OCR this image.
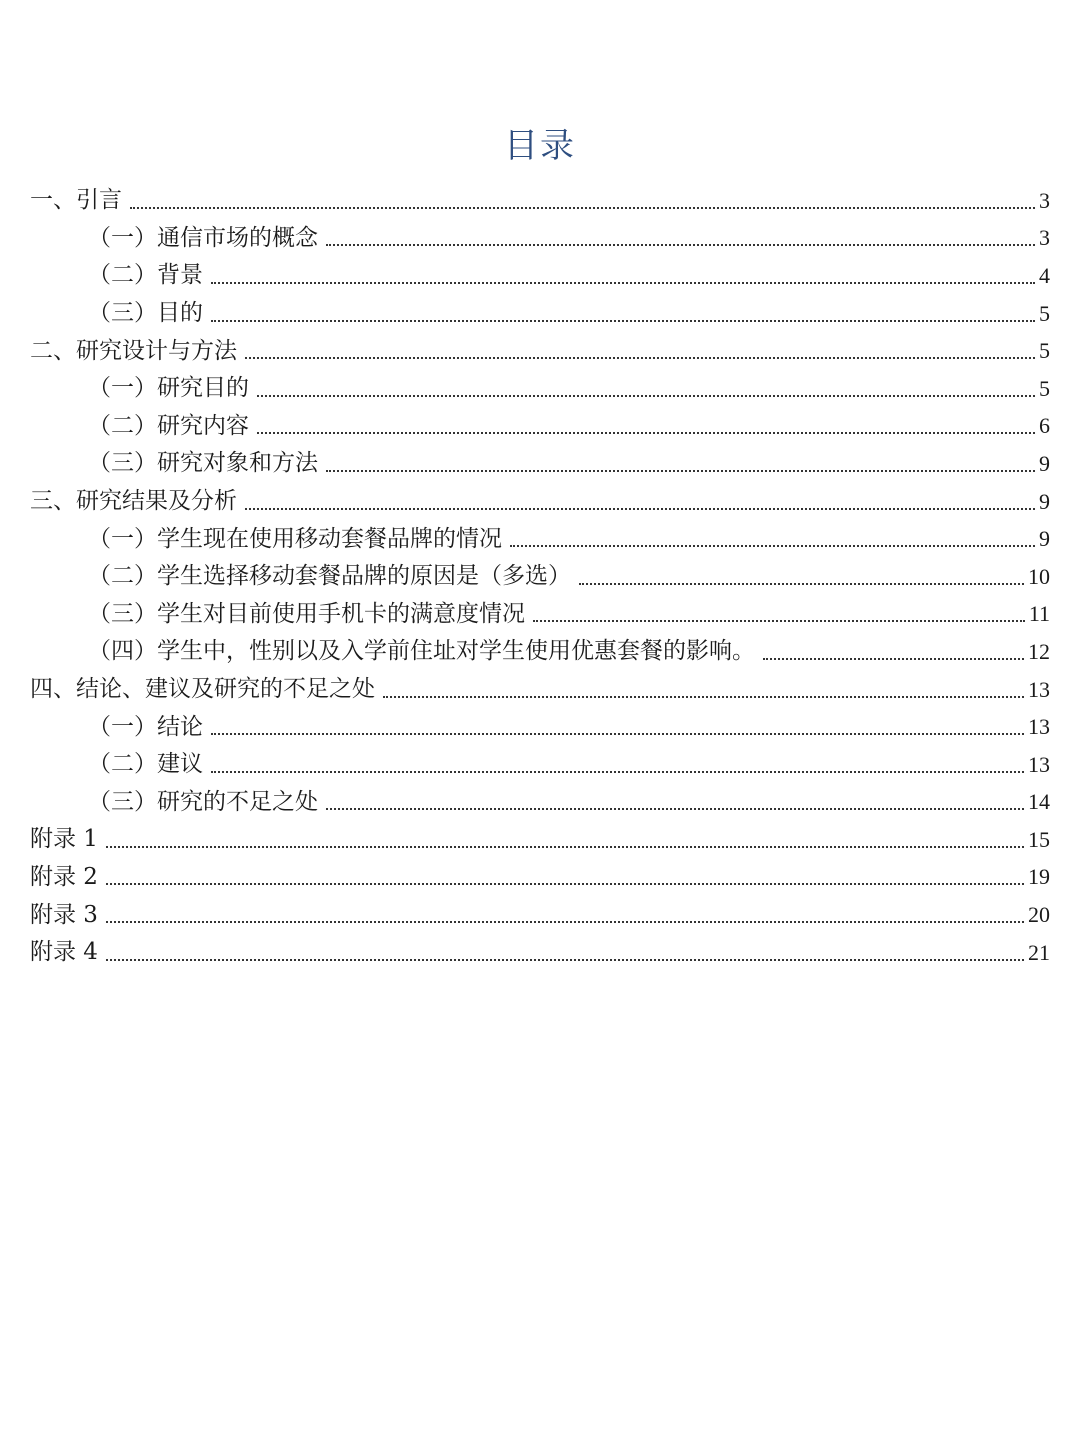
目录
一、引言	3
（一）通信市场的概念	3
（二）背景	4
（三）目的	5
二、研究设计与方法	5
（一）研究目的	5
（二）研究内容	6
（三）研究对象和方法	9
三、研究结果及分析	9
（一）学生现在使用移动套餐品牌的情况	9
（二）学生选择移动套餐品牌的原因是（多选）	10
（三）学生对目前使用手机卡的满意度情况	11
（四）学生中，性别以及入学前住址对学生使用优惠套餐的影响。	12
四、结论、建议及研究的不足之处	13
（一）结论	13
（二）建议	13
（三）研究的不足之处	14
附录 1	15
附录 2	19
附录 3	20
附录 4	21
